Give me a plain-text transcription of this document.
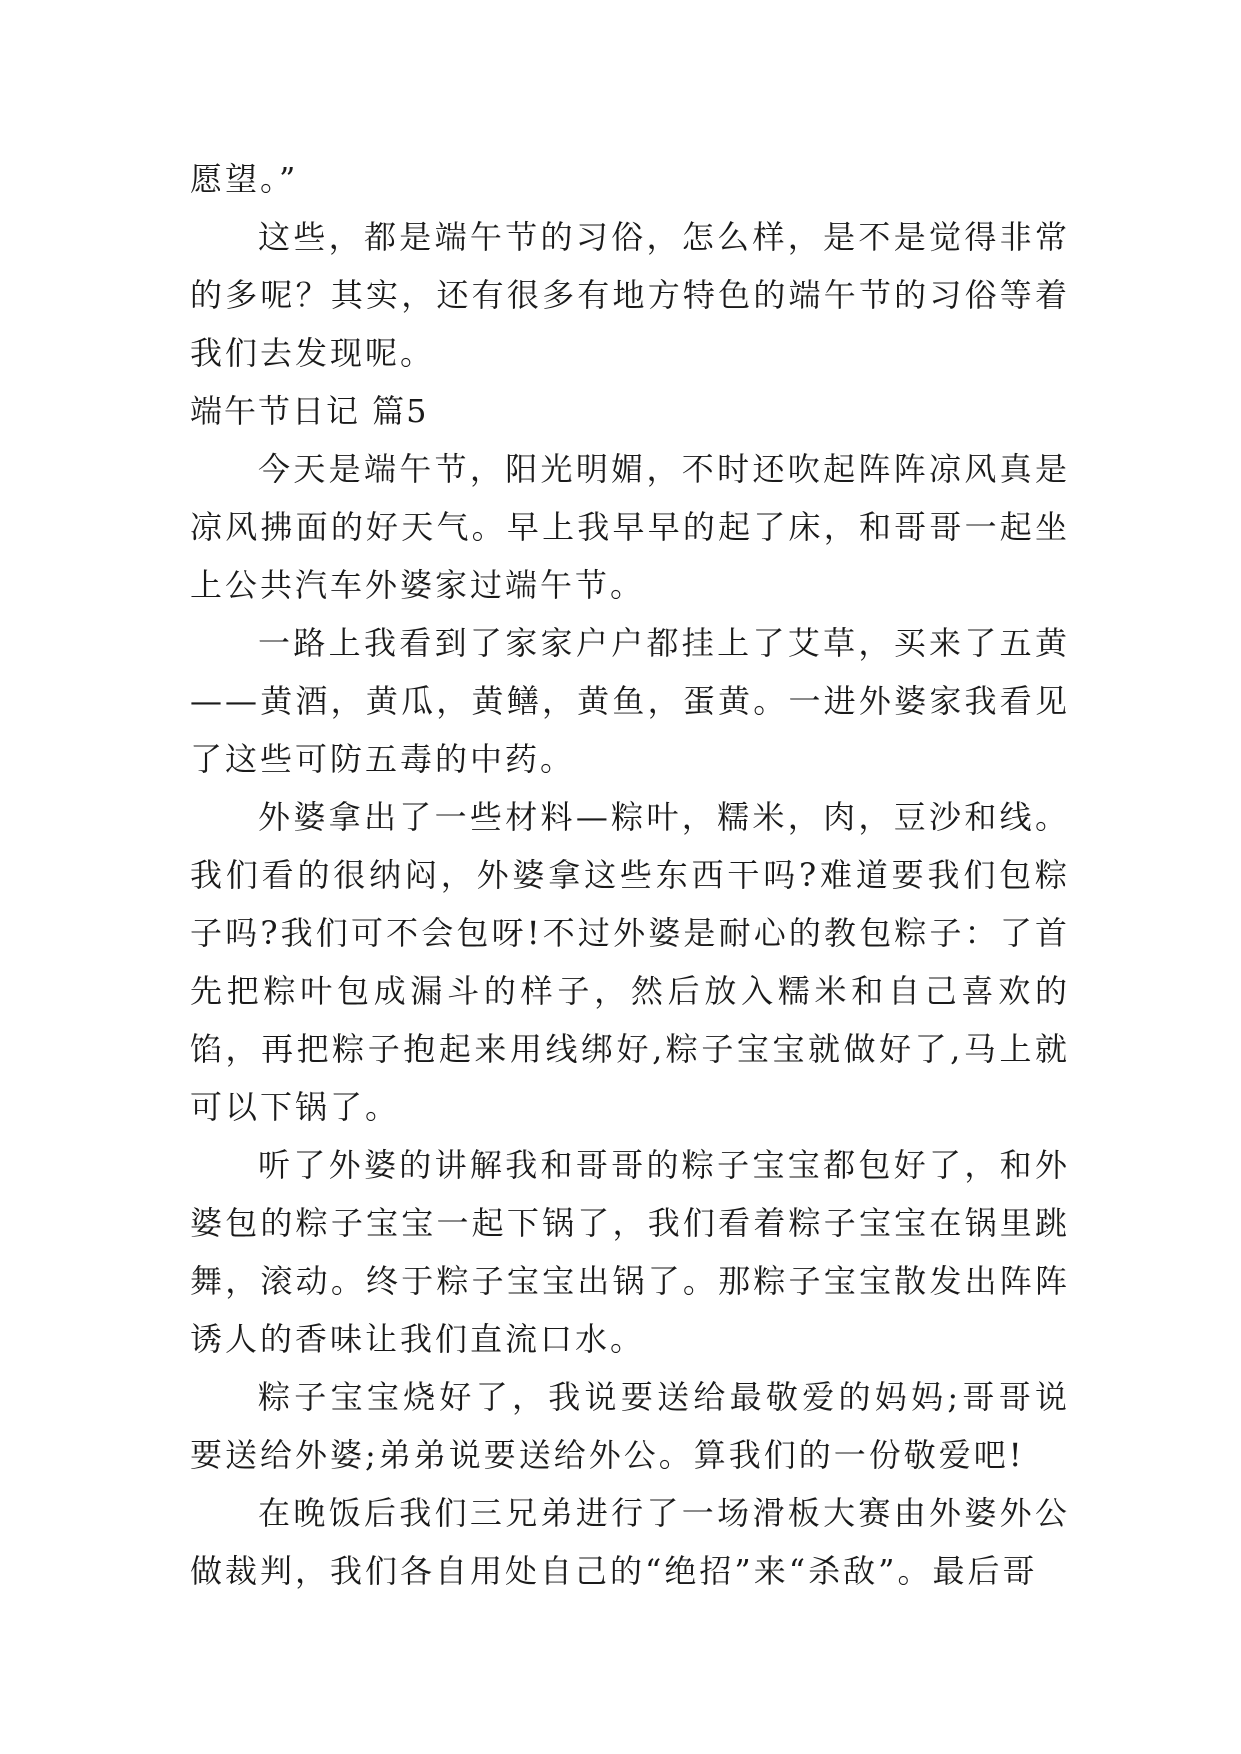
愿望。”

这些，都是端午节的习俗，怎么样，是不是觉得非常的多呢？其实，还有很多有地方特色的端午节的习俗等着我们去发现呢。

端午节日记 篇5

今天是端午节，阳光明媚，不时还吹起阵阵凉风真是凉风拂面的好天气。早上我早早的起了床，和哥哥一起坐上公共汽车外婆家过端午节。

一路上我看到了家家户户都挂上了艾草，买来了五黄——黄酒，黄瓜，黄鳝，黄鱼，蛋黄。一进外婆家我看见了这些可防五毒的中药。

外婆拿出了一些材料—粽叶，糯米，肉，豆沙和线。我们看的很纳闷，外婆拿这些东西干吗?难道要我们包粽子吗?我们可不会包呀!不过外婆是耐心的教包粽子：了首先把粽叶包成漏斗的样子，然后放入糯米和自己喜欢的馅，再把粽子抱起来用线绑好,粽子宝宝就做好了,马上就可以下锅了。

听了外婆的讲解我和哥哥的粽子宝宝都包好了，和外婆包的粽子宝宝一起下锅了，我们看着粽子宝宝在锅里跳舞，滚动。终于粽子宝宝出锅了。那粽子宝宝散发出阵阵诱人的香味让我们直流口水。

粽子宝宝烧好了，我说要送给最敬爱的妈妈;哥哥说要送给外婆;弟弟说要送给外公。算我们的一份敬爱吧!

在晚饭后我们三兄弟进行了一场滑板大赛由外婆外公做裁判，我们各自用处自己的“绝招”来“杀敌”。最后哥
